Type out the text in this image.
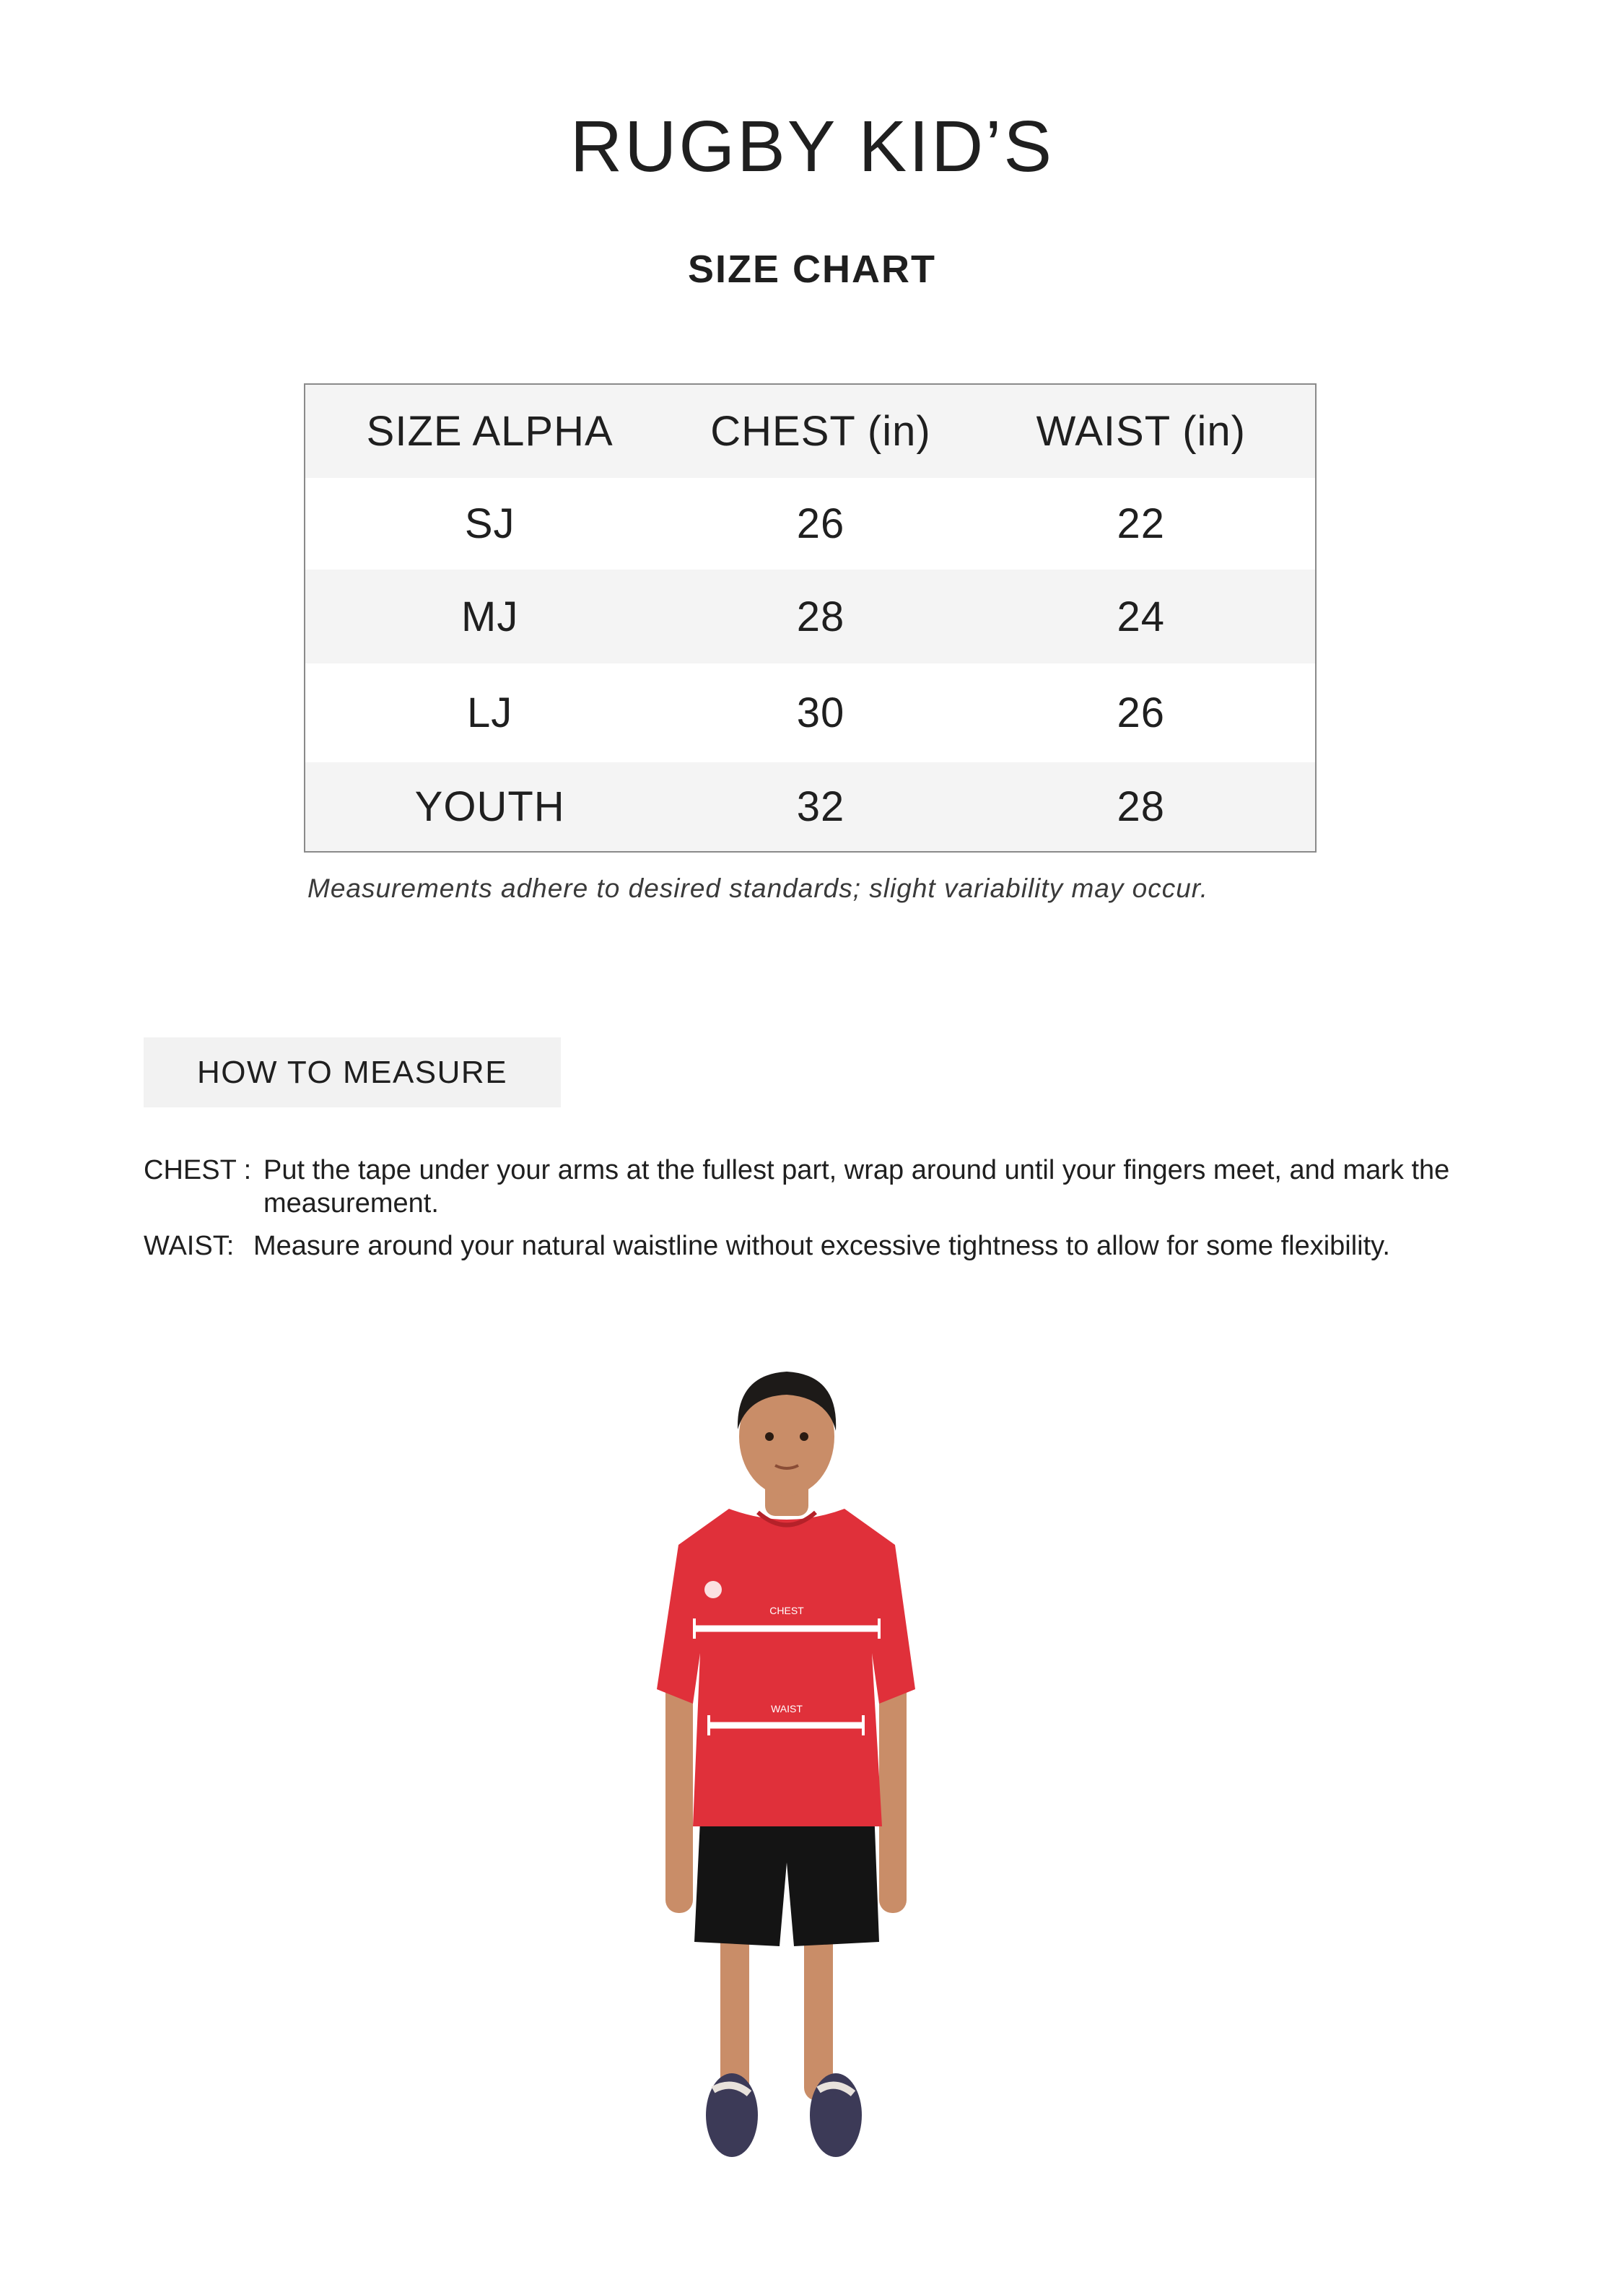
RUGBY KID’S
SIZE CHART
SIZE ALPHA	CHEST (in)	WAIST (in)
SJ	26	22
MJ	28	24
LJ	30	26
YOUTH	32	28
Measurements adhere to desired standards; slight variability may occur.
HOW TO MEASURE
CHEST : Put the tape under your arms at the fullest part, wrap around until your fingers meet, and mark the measurement.
WAIST: Measure around your natural waistline without excessive tightness to allow for some flexibility.
CHEST
WAIST
